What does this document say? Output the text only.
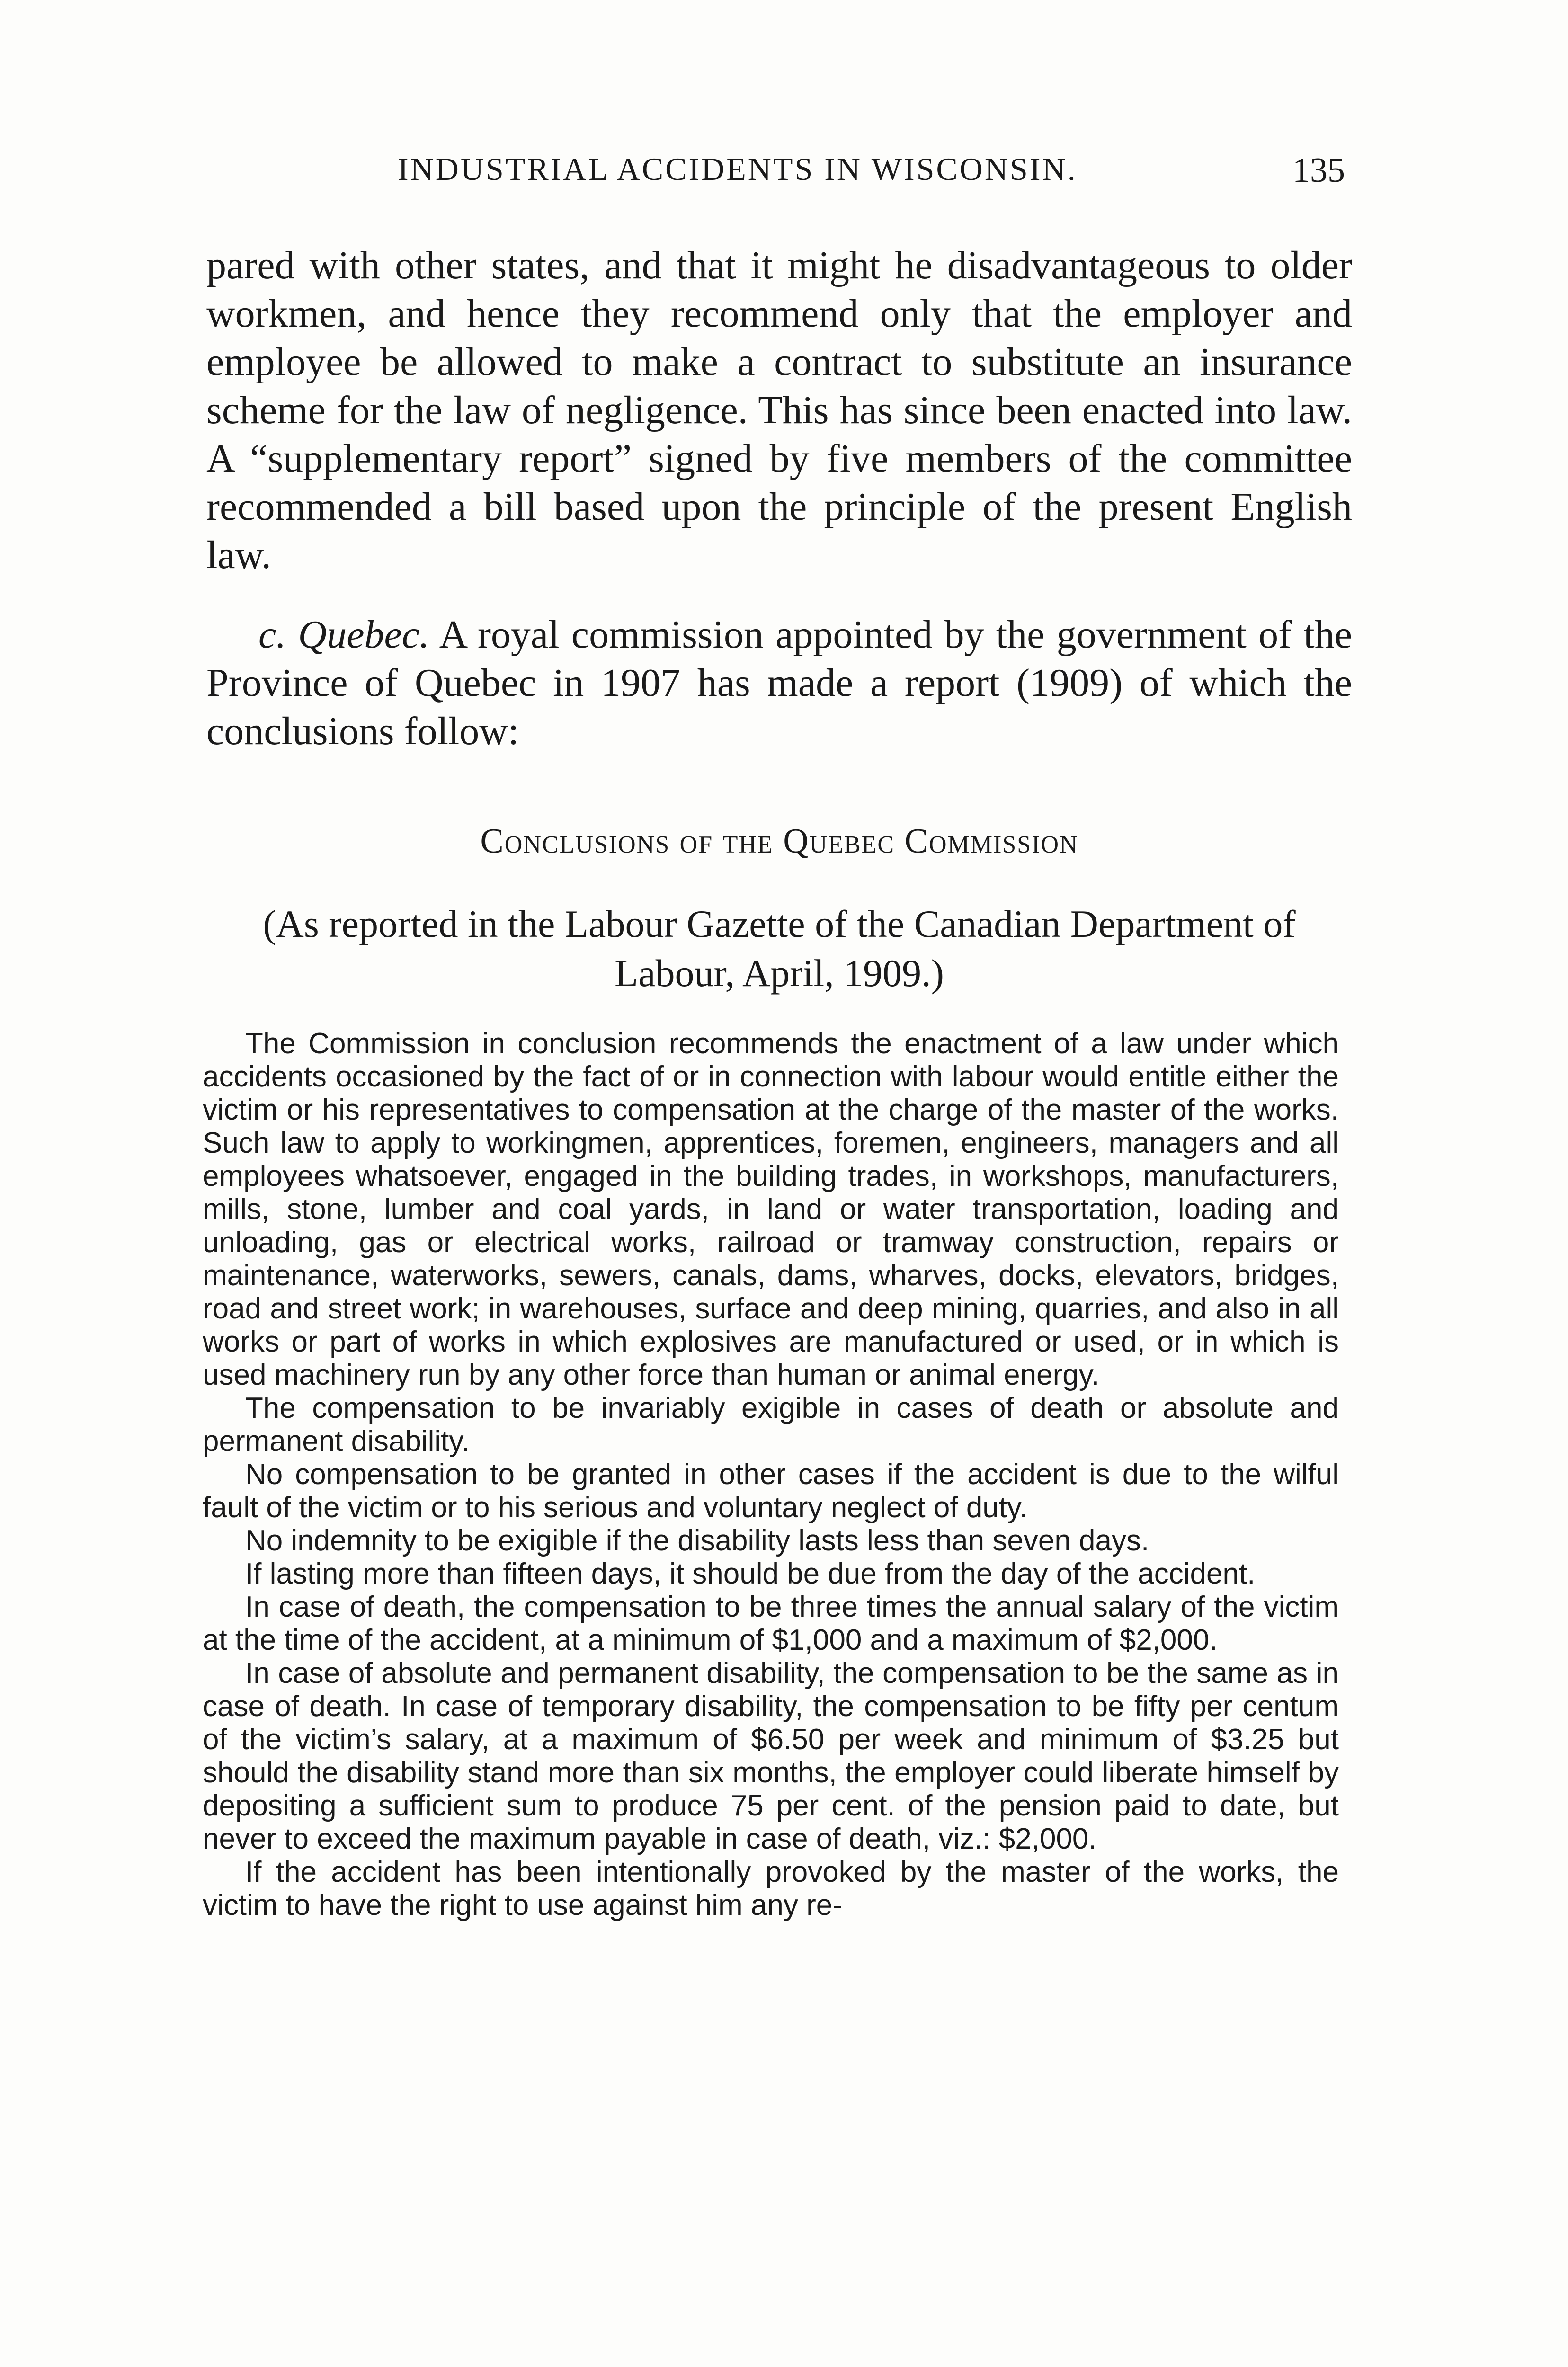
INDUSTRIAL ACCIDENTS IN WISCONSIN.	135
pared with other states, and that it might he disadvantageous to older workmen, and hence they recommend only that the employer and employee be allowed to make a contract to substitute an insurance scheme for the law of negligence. This has since been enacted into law. A “supplementary report” signed by five members of the committee recommended a bill based upon the principle of the present English law.
c. Quebec. A royal commission appointed by the government of the Province of Quebec in 1907 has made a report (1909) of which the conclusions follow:
Conclusions of the Quebec Commission
(As reported in the Labour Gazette of the Canadian Department of Labour, April, 1909.)

The Commission in conclusion recommends the enactment of a law under which accidents occasioned by the fact of or in connection with labour would entitle either the victim or his representatives to compensation at the charge of the master of the works. Such law to apply to workingmen, apprentices, foremen, engineers, managers and all employees whatsoever, engaged in the building trades, in workshops, manufacturers, mills, stone, lumber and coal yards, in land or water transportation, loading and unloading, gas or electrical works, railroad or tramway construction, repairs or maintenance, waterworks, sewers, canals, dams, wharves, docks, elevators, bridges, road and street work; in warehouses, surface and deep mining, quarries, and also in all works or part of works in which explosives are manufactured or used, or in which is used machinery run by any other force than human or animal energy.

The compensation to be invariably exigible in cases of death or absolute and permanent disability.

No compensation to be granted in other cases if the accident is due to the wilful fault of the victim or to his serious and voluntary neglect of duty.

No indemnity to be exigible if the disability lasts less than seven days.

If lasting more than fifteen days, it should be due from the day of the accident.

In case of death, the compensation to be three times the annual salary of the victim at the time of the accident, at a minimum of $1,000 and a maximum of $2,000.

In case of absolute and permanent disability, the compensation to be the same as in case of death. In case of temporary disability, the compensation to be fifty per centum of the victim’s salary, at a maximum of $6.50 per week and minimum of $3.25 but should the disability stand more than six months, the employer could liberate himself by depositing a sufficient sum to produce 75 per cent. of the pension paid to date, but never to exceed the maximum payable in case of death, viz.: $2,000.

If the accident has been intentionally provoked by the master of the works, the victim to have the right to use against him any re-
